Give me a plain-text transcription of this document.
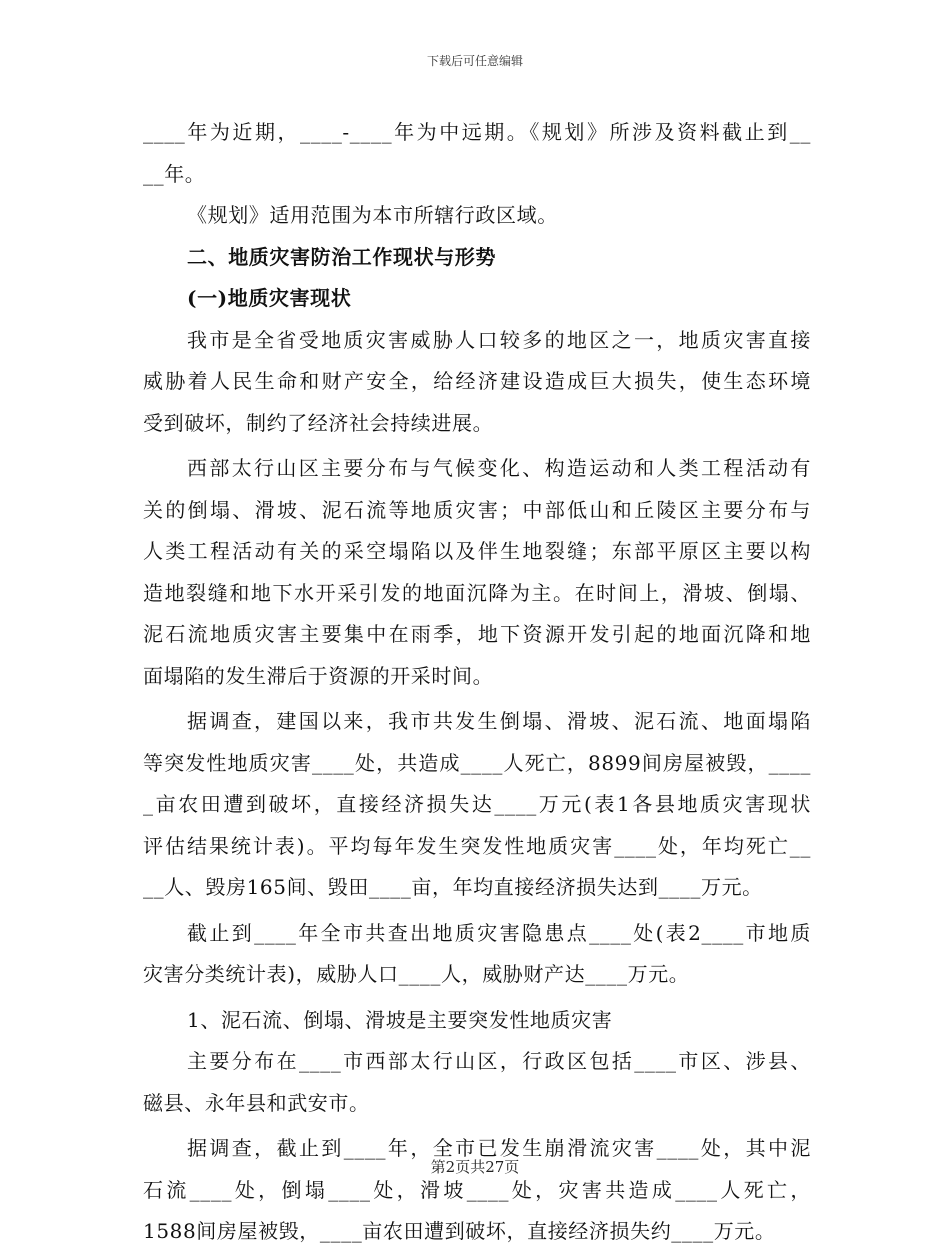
下载后可任意编辑
____年为近期，____-____年为中远期。《规划》所涉及资料截止到__
__年。
《规划》适用范围为本市所辖行政区域。
二、地质灾害防治工作现状与形势
(一)地质灾害现状
我市是全省受地质灾害威胁人口较多的地区之一，地质灾害直接
威胁着人民生命和财产安全，给经济建设造成巨大损失，使生态环境
受到破坏，制约了经济社会持续进展。
西部太行山区主要分布与气候变化、构造运动和人类工程活动有
关的倒塌、滑坡、泥石流等地质灾害；中部低山和丘陵区主要分布与
人类工程活动有关的采空塌陷以及伴生地裂缝；东部平原区主要以构
造地裂缝和地下水开采引发的地面沉降为主。在时间上，滑坡、倒塌、
泥石流地质灾害主要集中在雨季，地下资源开发引起的地面沉降和地
面塌陷的发生滞后于资源的开采时间。
据调查，建国以来，我市共发生倒塌、滑坡、泥石流、地面塌陷
等突发性地质灾害____处，共造成____人死亡，8899间房屋被毁，____
_亩农田遭到破坏，直接经济损失达____万元(表1各县地质灾害现状
评估结果统计表)。平均每年发生突发性地质灾害____处，年均死亡__
__人、毁房165间、毁田____亩，年均直接经济损失达到____万元。
截止到____年全市共查出地质灾害隐患点____处(表2____市地质
灾害分类统计表)，威胁人口____人，威胁财产达____万元。
1、泥石流、倒塌、滑坡是主要突发性地质灾害
主要分布在____市西部太行山区，行政区包括____市区、涉县、
磁县、永年县和武安市。
据调查，截止到____年，全市已发生崩滑流灾害____处，其中泥
石流____处，倒塌____处，滑坡____处，灾害共造成____人死亡，
1588间房屋被毁，____亩农田遭到破坏，直接经济损失约____万元。
第2页共27页
